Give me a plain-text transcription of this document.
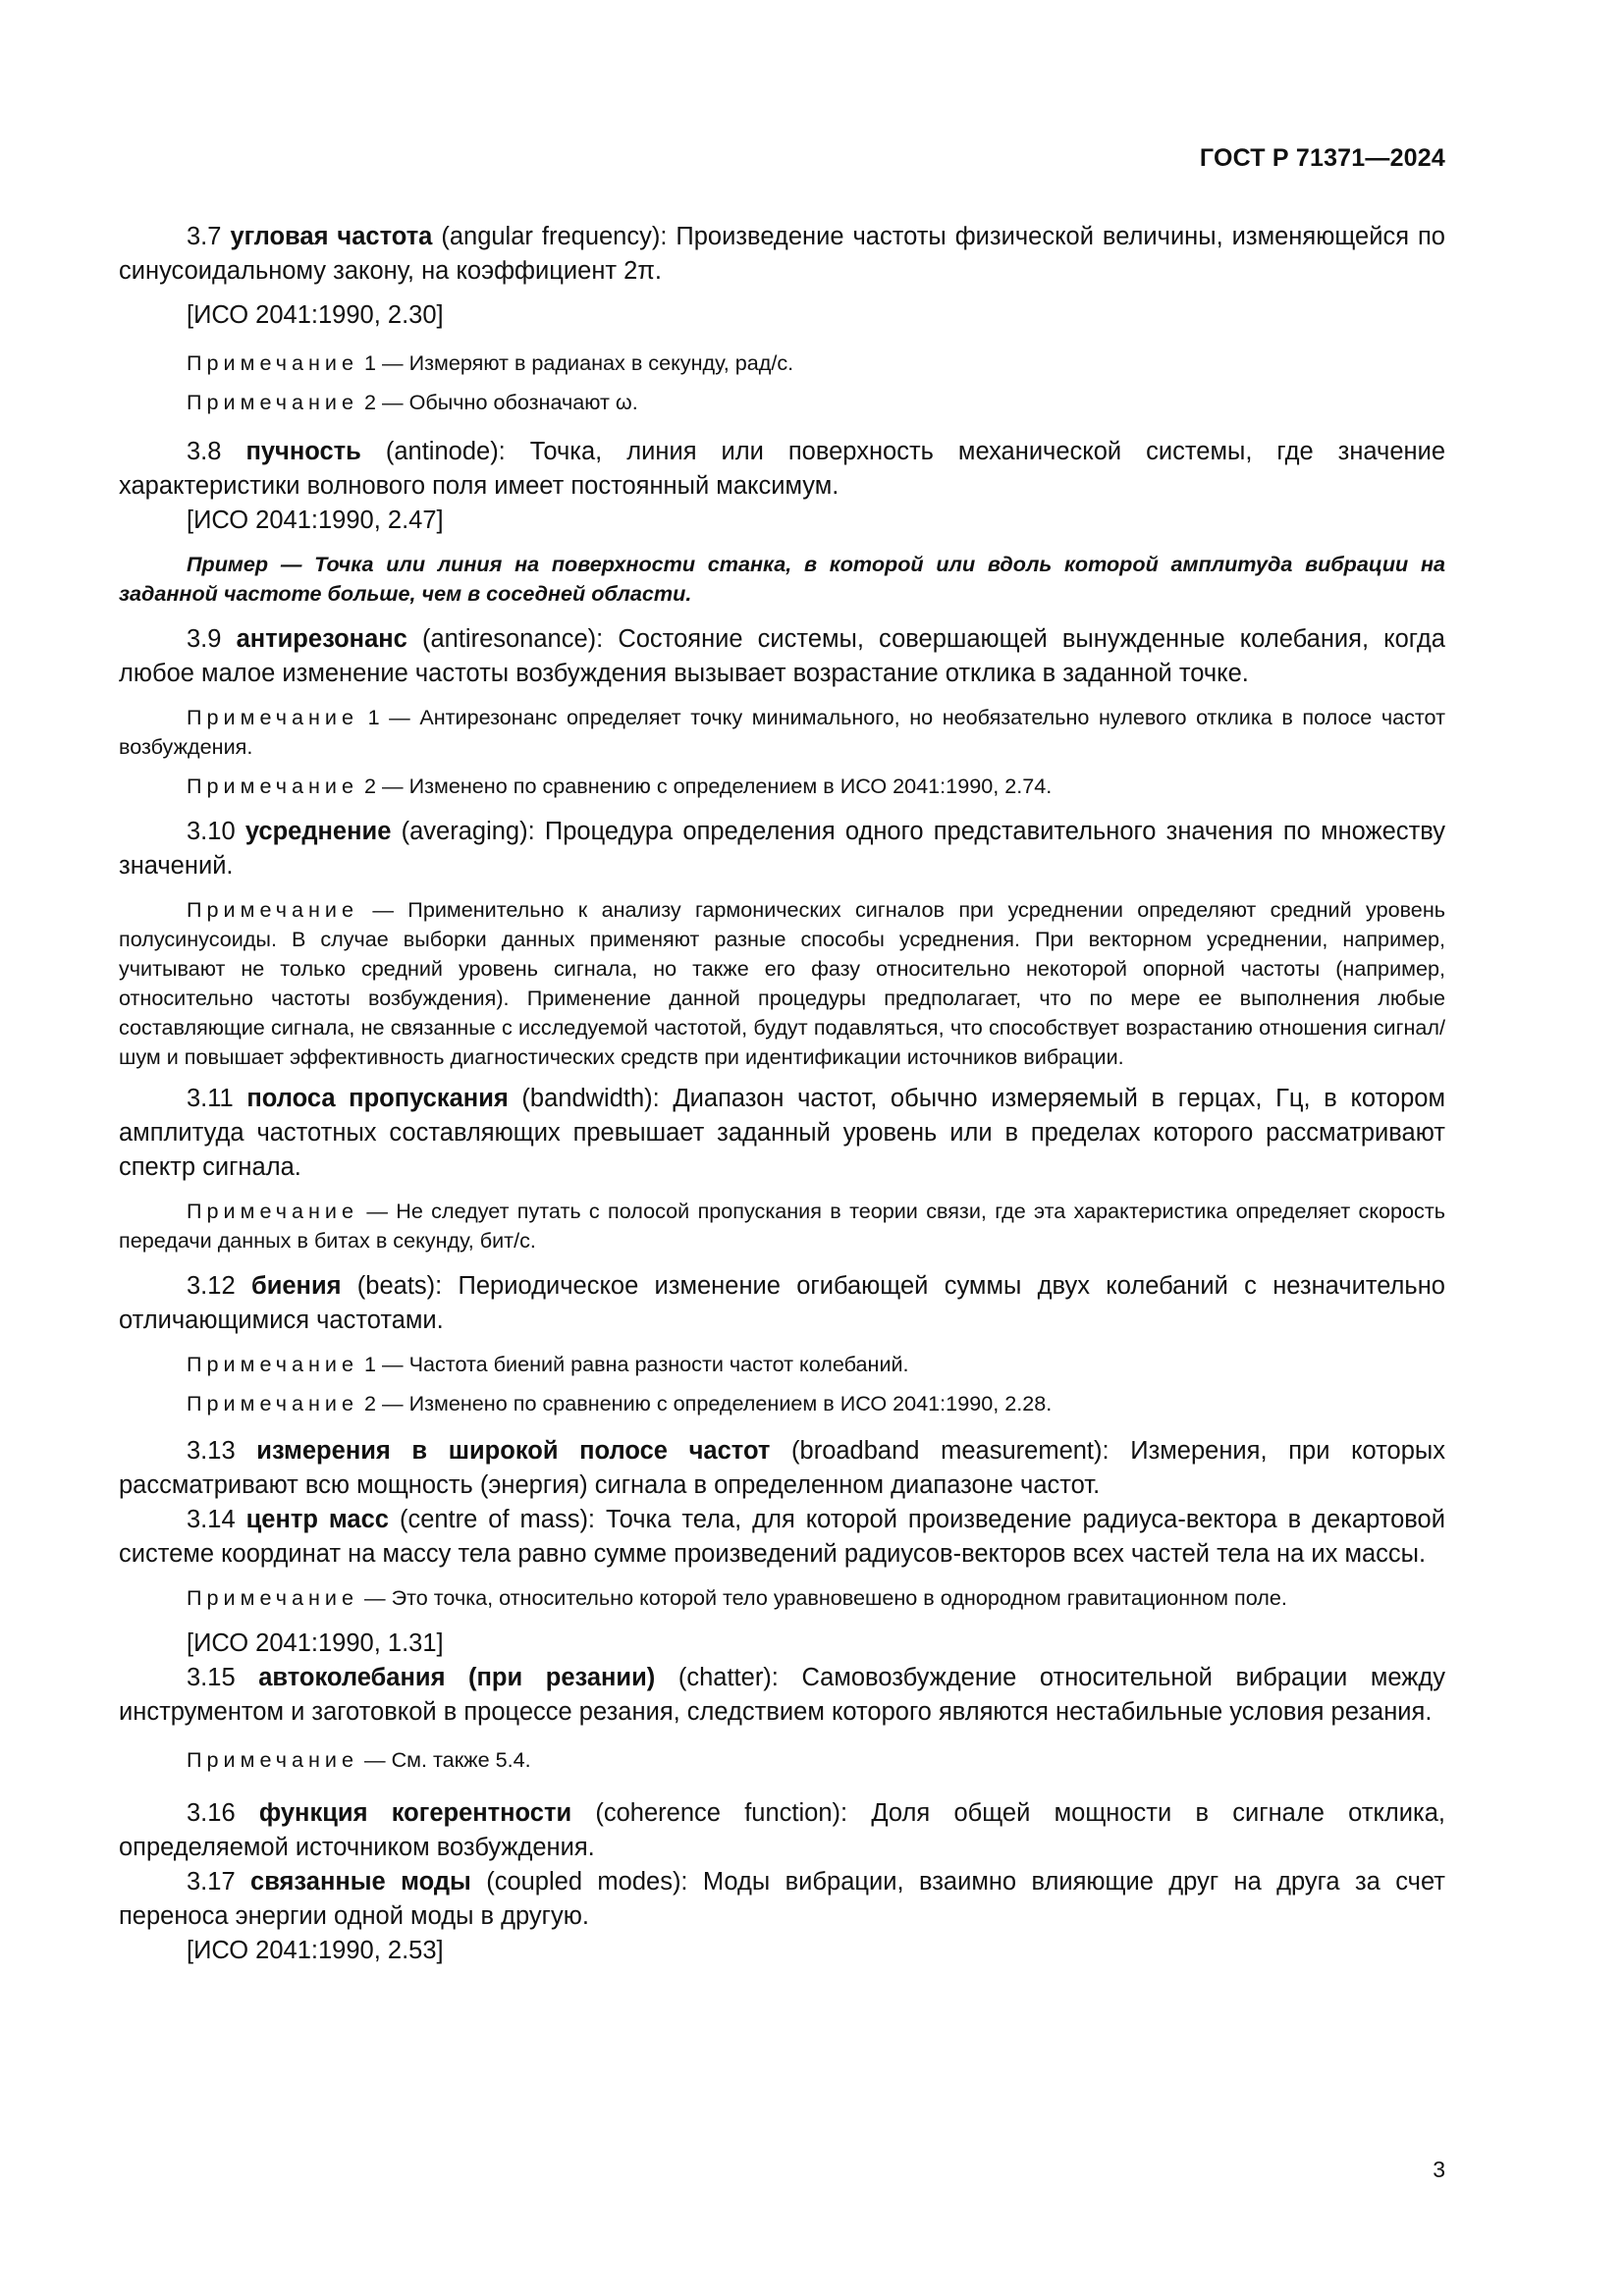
ГОСТ Р 71371—2024

3.7 угловая частота (angular frequency): Произведение частоты физической величины, изменяющейся по синусоидальному закону, на коэффициент 2π.

[ИСО 2041:1990, 2.30]

Примечание 1 — Измеряют в радианах в секунду, рад/с.

Примечание 2 — Обычно обозначают ω.

3.8 пучность (antinode): Точка, линия или поверхность механической системы, где значение характеристики волнового поля имеет постоянный максимум.

[ИСО 2041:1990, 2.47]

Пример — Точка или линия на поверхности станка, в которой или вдоль которой амплитуда вибрации на заданной частоте больше, чем в соседней области.

3.9 антирезонанс (antiresonance): Состояние системы, совершающей вынужденные колебания, когда любое малое изменение частоты возбуждения вызывает возрастание отклика в заданной точке.

Примечание 1 — Антирезонанс определяет точку минимального, но необязательно нулевого отклика в полосе частот возбуждения.

Примечание 2 — Изменено по сравнению с определением в ИСО 2041:1990, 2.74.

3.10 усреднение (averaging): Процедура определения одного представительного значения по множеству значений.

Примечание — Применительно к анализу гармонических сигналов при усреднении определяют средний уровень полусинусоиды. В случае выборки данных применяют разные способы усреднения. При векторном усреднении, например, учитывают не только средний уровень сигнала, но также его фазу относительно некоторой опорной частоты (например, относительно частоты возбуждения). Применение данной процедуры предполагает, что по мере ее выполнения любые составляющие сигнала, не связанные с исследуемой частотой, будут подавляться, что способствует возрастанию отношения сигнал/шум и повышает эффективность диагностических средств при идентификации источников вибрации.

3.11 полоса пропускания (bandwidth): Диапазон частот, обычно измеряемый в герцах, Гц, в котором амплитуда частотных составляющих превышает заданный уровень или в пределах которого рассматривают спектр сигнала.

Примечание — Не следует путать с полосой пропускания в теории связи, где эта характеристика определяет скорость передачи данных в битах в секунду, бит/с.

3.12 биения (beats): Периодическое изменение огибающей суммы двух колебаний с незначительно отличающимися частотами.

Примечание 1 — Частота биений равна разности частот колебаний.

Примечание 2 — Изменено по сравнению с определением в ИСО 2041:1990, 2.28.

3.13 измерения в широкой полосе частот (broadband measurement): Измерения, при которых рассматривают всю мощность (энергия) сигнала в определенном диапазоне частот.

3.14 центр масс (centre of mass): Точка тела, для которой произведение радиуса-вектора в декартовой системе координат на массу тела равно сумме произведений радиусов-векторов всех частей тела на их массы.

Примечание — Это точка, относительно которой тело уравновешено в однородном гравитационном поле.

[ИСО 2041:1990, 1.31]

3.15 автоколебания (при резании) (chatter): Самовозбуждение относительной вибрации между инструментом и заготовкой в процессе резания, следствием которого являются нестабильные условия резания.

Примечание — См. также 5.4.

3.16 функция когерентности (coherence function): Доля общей мощности в сигнале отклика, определяемой источником возбуждения.

3.17 связанные моды (coupled modes): Моды вибрации, взаимно влияющие друг на друга за счет переноса энергии одной моды в другую.

[ИСО 2041:1990, 2.53]

3
